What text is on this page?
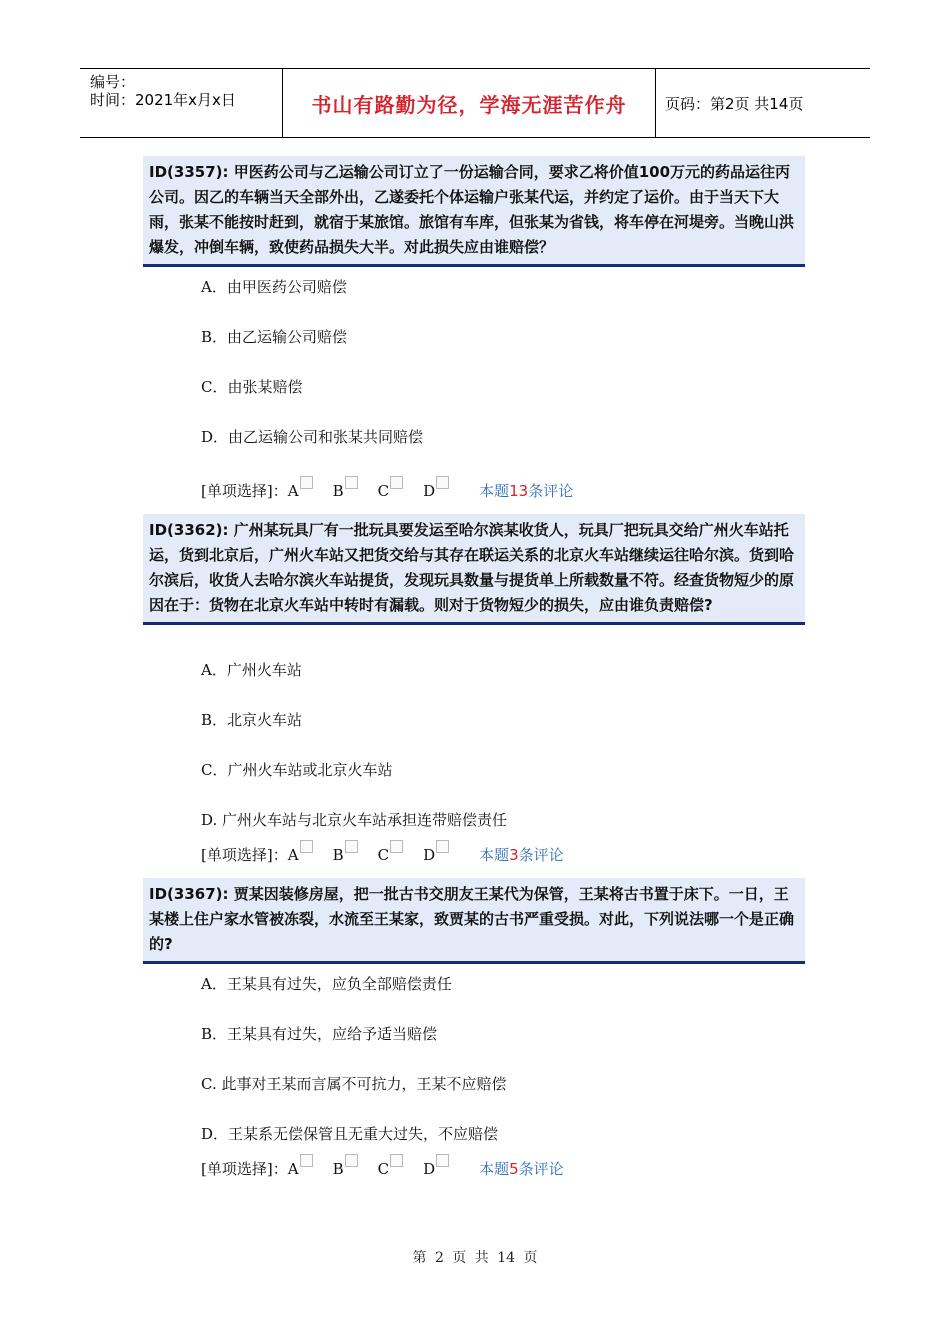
编号：
时间：2021年x月x日	书山有路勤为径，学海无涯苦作舟	页码：第2页 共14页
ID(3357): 甲医药公司与乙运输公司订立了一份运输合同，要求乙将价值100万元的药品运往丙公司。因乙的车辆当天全部外出，乙遂委托个体运输户张某代运，并约定了运价。由于当天下大雨，张某不能按时赶到，就宿于某旅馆。旅馆有车库，但张某为省钱，将车停在河堤旁。当晚山洪爆发，冲倒车辆，致使药品损失大半。对此损失应由谁赔偿？
A．由甲医药公司赔偿
B．由乙运输公司赔偿
C．由张某赔偿
D．由乙运输公司和张某共同赔偿
[单项选择]：A B C D	本题13条评论
ID(3362): 广州某玩具厂有一批玩具要发运至哈尔滨某收货人，玩具厂把玩具交给广州火车站托运，货到北京后，广州火车站又把货交给与其存在联运关系的北京火车站继续运往哈尔滨。货到哈尔滨后，收货人去哈尔滨火车站提货，发现玩具数量与提货单上所载数量不符。经查货物短少的原因在于：货物在北京火车站中转时有漏载。则对于货物短少的损失，应由谁负责赔偿?
A．广州火车站
B．北京火车站
C．广州火车站或北京火车站
D. 广州火车站与北京火车站承担连带赔偿责任
[单项选择]：A B C D	本题3条评论
ID(3367): 贾某因装修房屋，把一批古书交朋友王某代为保管，王某将古书置于床下。一日，王某楼上住户家水管被冻裂，水流至王某家，致贾某的古书严重受损。对此，下列说法哪一个是正确的?
A．王某具有过失，应负全部赔偿责任
B．王某具有过失，应给予适当赔偿
C. 此事对王某而言属不可抗力，王某不应赔偿
D．王某系无偿保管且无重大过失，不应赔偿
[单项选择]：A B C D	本题5条评论
第 2 页 共 14 页
